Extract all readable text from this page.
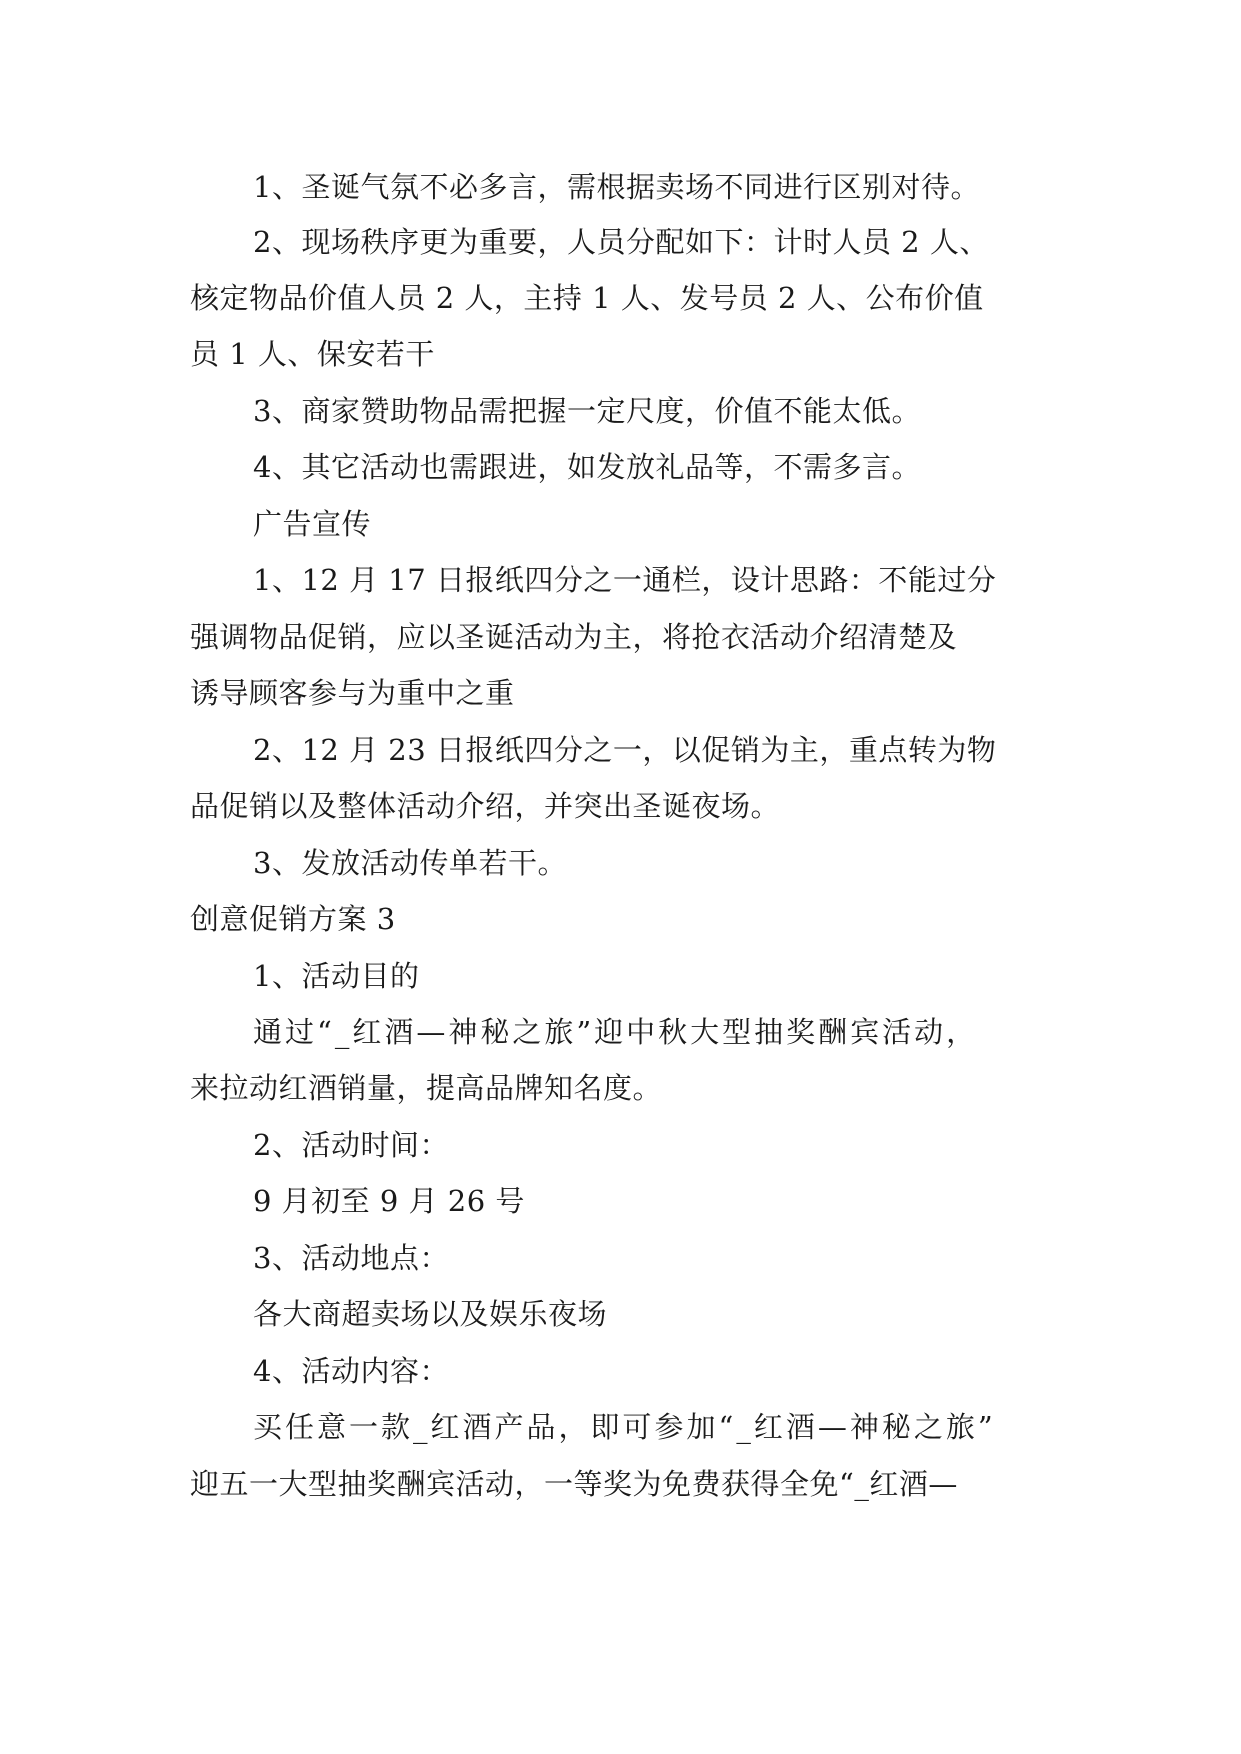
1、圣诞气氛不必多言，需根据卖场不同进行区别对待。
2、现场秩序更为重要，人员分配如下：计时人员 2 人、
核定物品价值人员 2 人，主持 1 人、发号员 2 人、公布价值
员 1 人、保安若干
3、商家赞助物品需把握一定尺度，价值不能太低。
4、其它活动也需跟进，如发放礼品等，不需多言。
广告宣传
1、12 月 17 日报纸四分之一通栏，设计思路：不能过分
强调物品促销，应以圣诞活动为主，将抢衣活动介绍清楚及
诱导顾客参与为重中之重
2、12 月 23 日报纸四分之一，以促销为主，重点转为物
品促销以及整体活动介绍，并突出圣诞夜场。
3、发放活动传单若干。
创意促销方案 3
1、活动目的
通过“_红酒—神秘之旅”迎中秋大型抽奖酬宾活动，
来拉动红酒销量，提高品牌知名度。
2、活动时间：
9 月初至 9 月 26 号
3、活动地点：
各大商超卖场以及娱乐夜场
4、活动内容：
买任意一款_红酒产品，即可参加“_红酒—神秘之旅”
迎五一大型抽奖酬宾活动，一等奖为免费获得全免“_红酒—
